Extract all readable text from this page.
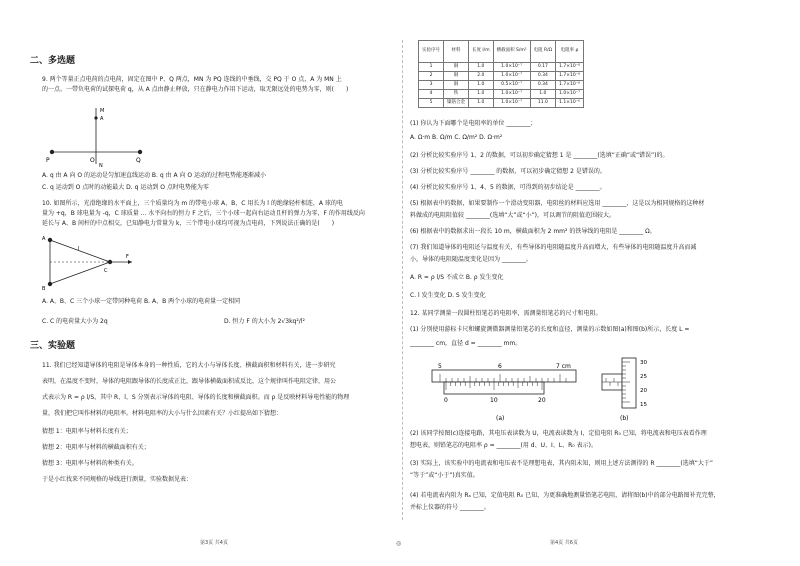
二、多选题
9. 两个等量正点电荷的点电荷，固定在图中 P、Q 两点，MN 为 PQ 连线的中垂线，交 PQ 于 O 点，A 为 MN 上
的一点。一带负电荷的试探电荷 q，从 A 点由静止释放，只在静电力作用下运动，取无限远处的电势为零，则(　　)
M
A
P	O	Q
N
A. q 由 A 向 O 的运动是匀加速直线运动 B. q 由 A 向 O 运动的过程电势能逐渐减小
C. q 运动到 O 点时的动能最大 D. q 运动到 O 点时电势能为零
10. 如图所示，光滑绝缘的水平面上，三个质量均为 m 的带电小球 A、B、C 用长为 l 的绝缘轻杆相连，A 球的电
量为 +q，B 球电量为 -q，C 球质量 ... 水平向右的恒力 F 之后，三个小球一起向右运动且杆的弹力为零，F 的作用线反向
延长与 A、B 间杆的中点相交，已知静电力常量为 k，三个带电小球均可视为点电荷，下列说法正确的是(　　)
A
B
C
F
l
A. A、B、C 三个小球一定带同种电荷 B. A、B 两个小球的电荷量一定相同
C. C 的电荷量大小为 2q	D. 恒力 F 的大小为 2√3kq²/l²
三、实验题
11. 我们已经知道导体的电阻是导体本身的一种性质，它的大小与导体长度、横截面积和材料有关，进一步研究
表明，在温度不变时，导体的电阻跟导体的长度成正比，跟导体横截面积成反比，这个规律叫作电阻定律，用公
式表示为 R = ρ l/S，其中 R、l、S 分别表示导体的电阻、导体的长度和横截面积。而 ρ 是反映材料导电性能的物理
量，我们把它叫作材料的电阻率。材料电阻率的大小与什么因素有关？小红提出如下猜想：
猜想 1：电阻率与材料长度有关；
猜想 2：电阻率与材料的横截面积有关；
猜想 3：电阻率与材料的种类有关。
于是小红找来不同规格的导线进行测量，实验数据见表：
第3页 共4页	◎
实验序号	材料	长度 l/m	横截面积 S/m²	电阻 R/Ω	电阻率 ρ
1	铜	1.0	1.0×10⁻⁷	0.17	1.7×10⁻⁸
2	铜	2.0	1.0×10⁻⁷	0.34	1.7×10⁻⁸
3	铜	1.0	0.5×10⁻⁷	0.34	1.7×10⁻⁸
4	铁	1.0	1.0×10⁻⁷	1.0	1.0×10⁻⁷
5	镍铬合金	1.0	1.0×10⁻⁷	11.0	1.1×10⁻⁶
(1) 你认为下面哪个是电阻率的单位 ________；
A. Ω·m B. Ω/m C. Ω/m² D. Ω·m²
(2) 分析比较实验序号 1、2 的数据，可以初步确定猜想 1 是 ________(选填“正确”或“错误”)的。
(3) 分析比较实验序号 ________ 的数据，可以初步确定猜想 2 是错误的。
(4) 分析比较实验序号 1、4、5 的数据，可得到的初步结论是 ________。
(5) 根据表中的数据，如果要制作一个滑动变阻器，电阻丝的材料应选用 ________，这是以为相同规格的这种材
料做成的电阻阻值较 ________(选填“大”或“小”)，可以调节的阻值范围较大。
(6) 根据表中的数据求出一段长 10 m，横截面积为 2 mm² 的铁导线的电阻是 ________ Ω。
(7) 我们知道导体的电阻还与温度有关，有些导体的电阻随温度升高而增大，有些导体的电阻随温度升高而减
小，导体的电阻随温度变化是因为 ________。
A. R = ρ l/S 不成立 B. ρ 发生变化
C. l 发生变化 D. S 发生变化
12. 某同学测量一段圆柱铅笔芯的电阻率，需测量铅笔芯的尺寸和电阻。
(1) 分别使用游标卡尺和螺旋测微器测量铅笔芯的长度和直径，测量的示数如图(a)和图(b)所示，长度 L =
________ cm，直径 d = ________ mm。
5	6	7 cm
0	10	20
(a)
30
25
20
15
(b)
(2) 该同学按图(c)连接电路，其电压表读数为 U，电流表读数为 I，定值电阻 R₀ 已知，将电流表和电压表看作理
想电表，则铅笔芯的电阻率 ρ = ________(用 d、U、I、L、R₀ 表示)。
(3) 实际上，该实验中的电流表和电压表不是理想电表，其内阻未知，则用上述方法测得的 R ________(选填“大于”
“等于”或“小于”)真实值。
(4) 若电流表内阻为 Rₐ 已知，定值电阻 R₀ 已知，为更准确地测量铅笔芯电阻，请将图(b)中的部分电路图补充完整，
并标上仪器的符号 ________。
第4页 共6页
